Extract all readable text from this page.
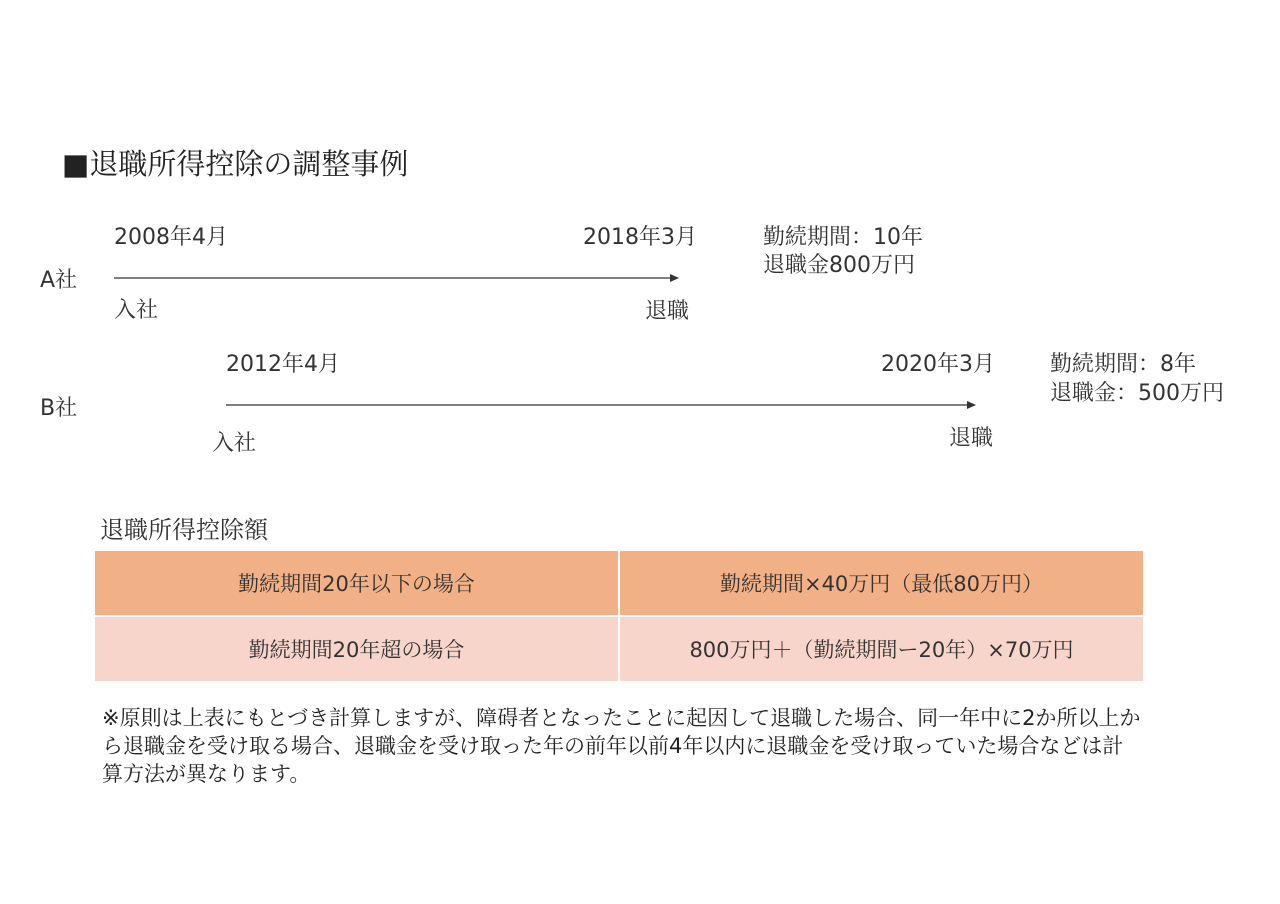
■退職所得控除の調整事例
A社
2008年4月	2018年3月
入社	退職
勤続期間：10年
退職金800万円
B社
2012年4月	2020年3月
入社	退職
勤続期間：8年
退職金：500万円
退職所得控除額
勤続期間20年以下の場合	勤続期間×40万円（最低80万円）
勤続期間20年超の場合	800万円＋（勤続期間ー20年）×70万円
※原則は上表にもとづき計算しますが、障碍者となったことに起因して退職した場合、同一年中に2か所以上から退職金を受け取る場合、退職金を受け取った年の前年以前4年以内に退職金を受け取っていた場合などは計算方法が異なります。
